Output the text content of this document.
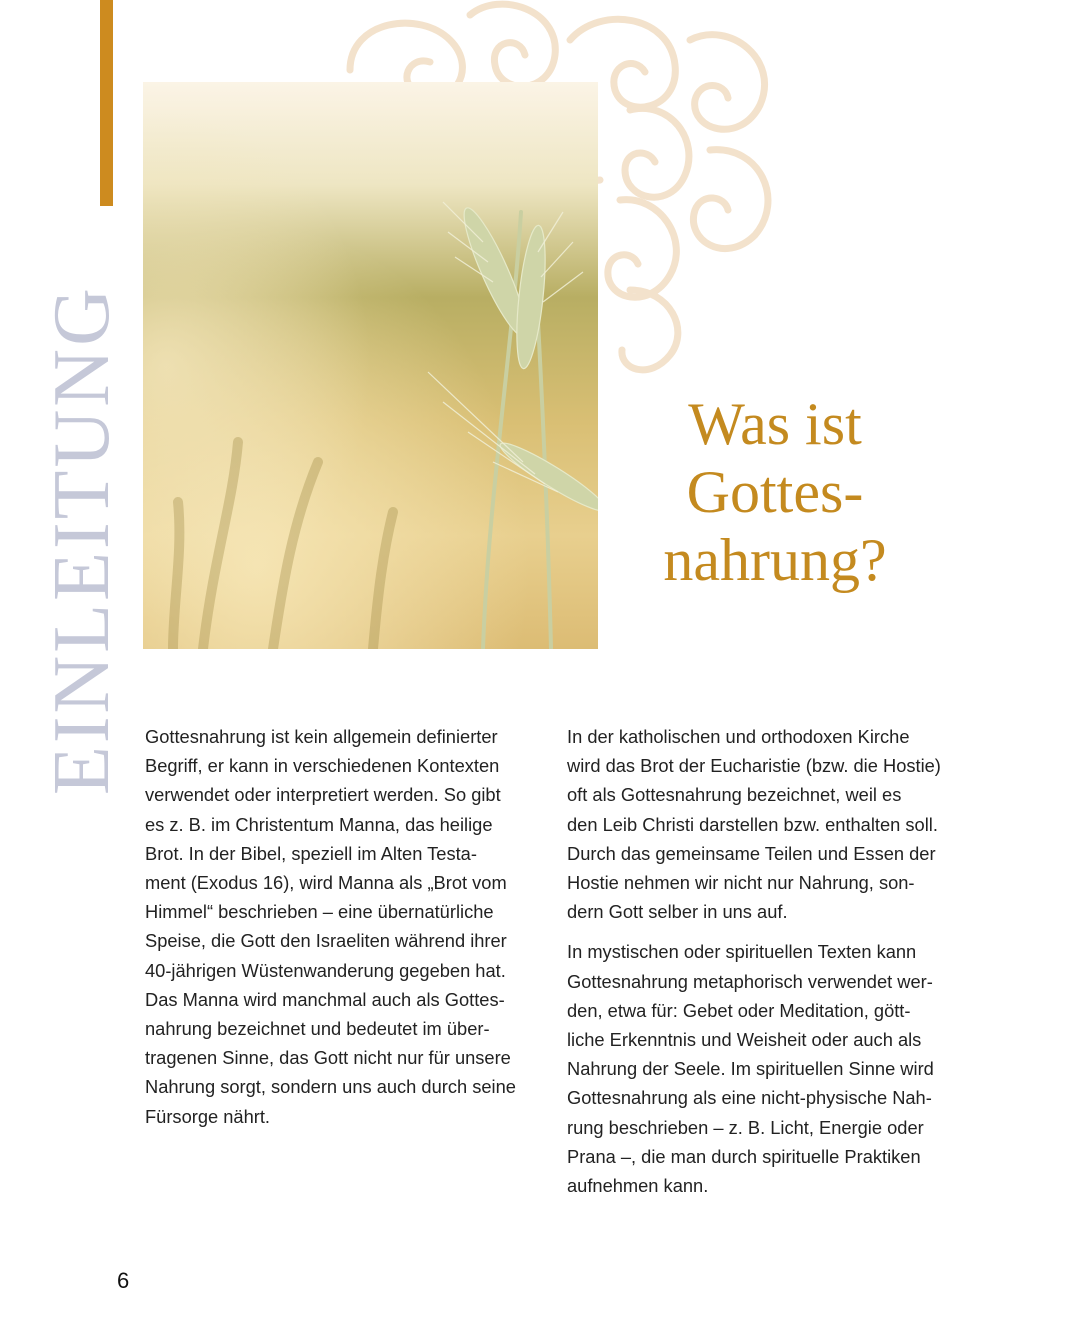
EINLEITUNG	Was ist
Gottes-
nahrung?

Gottesnahrung ist kein allgemein definierter
Begriff, er kann in verschiedenen Kontexten
verwendet oder interpretiert werden. So gibt
es z. B. im Christentum Manna, das heilige
Brot. In der Bibel, speziell im Alten Testa-
ment (Exodus 16), wird Manna als „Brot vom
Himmel“ beschrieben – eine übernatürliche
Speise, die Gott den Israeliten während ihrer
40-jährigen Wüstenwanderung gegeben hat.
Das Manna wird manchmal auch als Gottes-
nahrung bezeichnet und bedeutet im über-
tragenen Sinne, das Gott nicht nur für unsere
Nahrung sorgt, sondern uns auch durch seine
Fürsorge nährt.

In der katholischen und orthodoxen Kirche
wird das Brot der Eucharistie (bzw. die Hostie)
oft als Gottesnahrung bezeichnet, weil es
den Leib Christi darstellen bzw. enthalten soll.
Durch das gemeinsame Teilen und Essen der
Hostie nehmen wir nicht nur Nahrung, son-
dern Gott selber in uns auf.

In mystischen oder spirituellen Texten kann
Gottesnahrung metaphorisch verwendet wer-
den, etwa für: Gebet oder Meditation, gött-
liche Erkenntnis und Weisheit oder auch als
Nahrung der Seele. Im spirituellen Sinne wird
Gottesnahrung als eine nicht-physische Nah-
rung beschrieben – z. B. Licht, Energie oder
Prana –, die man durch spirituelle Praktiken
aufnehmen kann.

6
